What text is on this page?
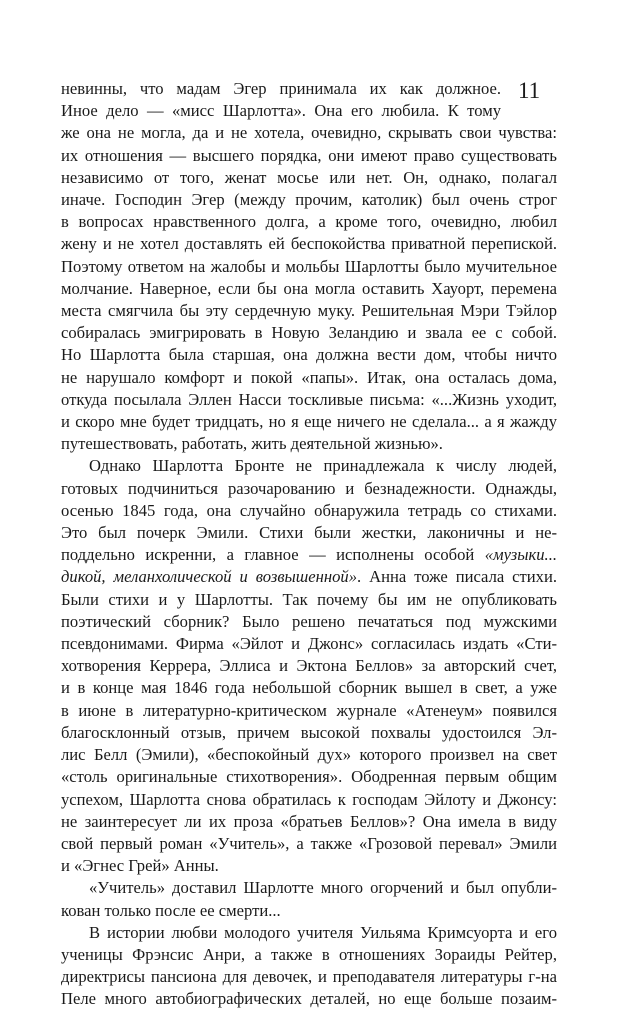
11
невинны, что мадам Эгер принимала их как должное.
Иное дело — «мисс Шарлотта». Она его любила. К тому
же она не могла, да и не хотела, очевидно, скрывать свои чувства:
их отношения — высшего порядка, они имеют право существовать
независимо от того, женат мосье или нет. Он, однако, полагал
иначе. Господин Эгер (между прочим, католик) был очень строг
в вопросах нравственного долга, а кроме того, очевидно, любил
жену и не хотел доставлять ей беспокойства приватной перепиской.
Поэтому ответом на жалобы и мольбы Шарлотты было мучительное
молчание. Наверное, если бы она могла оставить Хауорт, перемена
места смягчила бы эту сердечную муку. Решительная Мэри Тэйлор
собиралась эмигрировать в Новую Зеландию и звала ее с собой.
Но Шарлотта была старшая, она должна вести дом, чтобы ничто
не нарушало комфорт и покой «папы». Итак, она осталась дома,
откуда посылала Эллен Насси тоскливые письма: «...Жизнь уходит,
и скоро мне будет тридцать, но я еще ничего не сделала... а я жажду
путешествовать, работать, жить деятельной жизнью».
Однако Шарлотта Бронте не принадлежала к числу людей,
готовых подчиниться разочарованию и безнадежности. Однажды,
осенью 1845 года, она случайно обнаружила тетрадь со стихами.
Это был почерк Эмили. Стихи были жестки, лаконичны и не-
поддельно искренни, а главное — исполнены особой «музыки...
дикой, меланхолической и возвышенной». Анна тоже писала стихи.
Были стихи и у Шарлотты. Так почему бы им не опубликовать
поэтический сборник? Было решено печататься под мужскими
псевдонимами. Фирма «Эйлот и Джонс» согласилась издать «Сти-
хотворения Керрера, Эллиса и Эктона Беллов» за авторский счет,
и в конце мая 1846 года небольшой сборник вышел в свет, а уже
в июне в литературно-критическом журнале «Атенеум» появился
благосклонный отзыв, причем высокой похвалы удостоился Эл-
лис Белл (Эмили), «беспокойный дух» которого произвел на свет
«столь оригинальные стихотворения». Ободренная первым общим
успехом, Шарлотта снова обратилась к господам Эйлоту и Джонсу:
не заинтересует ли их проза «братьев Беллов»? Она имела в виду
свой первый роман «Учитель», а также «Грозовой перевал» Эмили
и «Эгнес Грей» Анны.
«Учитель» доставил Шарлотте много огорчений и был опубли-
кован только после ее смерти...
В истории любви молодого учителя Уильяма Кримсуорта и его
ученицы Фрэнсис Анри, а также в отношениях Зораиды Рейтер,
директрисы пансиона для девочек, и преподавателя литературы г-на
Пеле много автобиографических деталей, но еще больше позаим-
